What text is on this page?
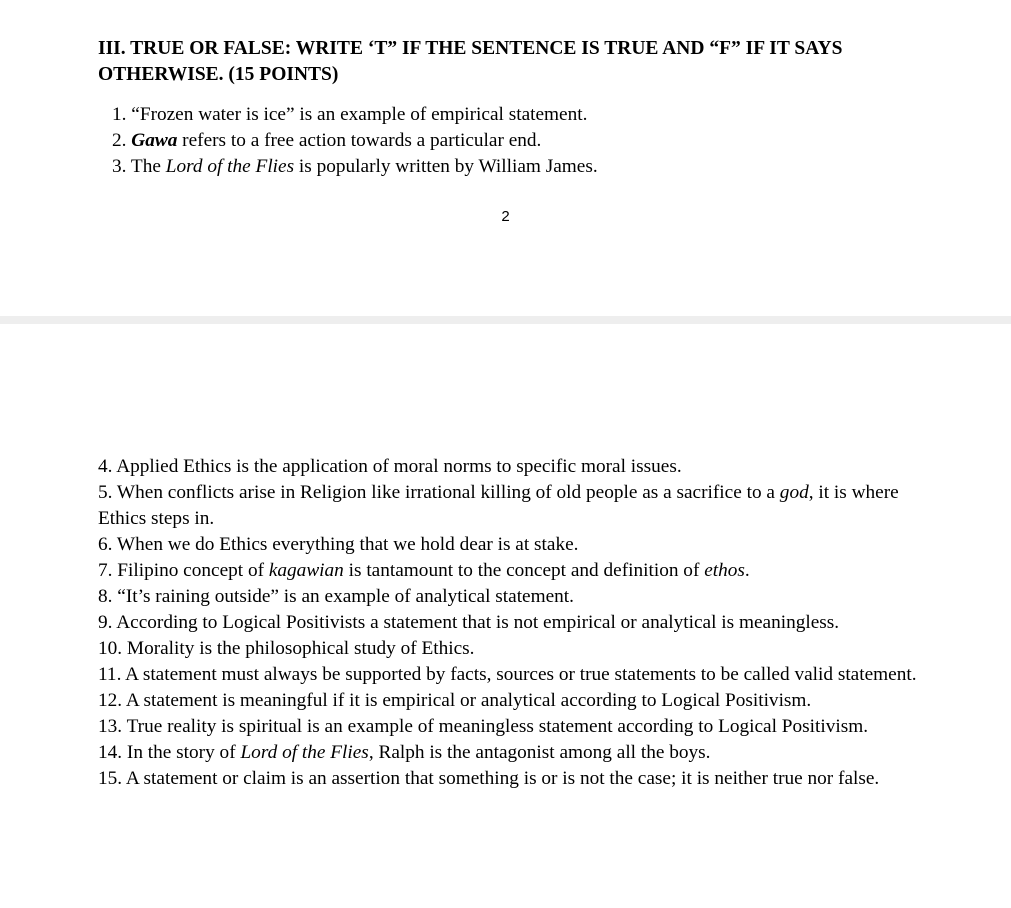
III. TRUE OR FALSE: WRITE ‘T” IF THE SENTENCE IS TRUE AND “F” IF IT SAYS OTHERWISE. (15 POINTS)

1. “Frozen water is ice” is an example of empirical statement.

2. Gawa refers to a free action towards a particular end.

3. The Lord of the Flies is popularly written by William James.

2

4. Applied Ethics is the application of moral norms to specific moral issues.

5. When conflicts arise in Religion like irrational killing of old people as a sacrifice to a god, it is where Ethics steps in.

6. When we do Ethics everything that we hold dear is at stake.

7. Filipino concept of kagawian is tantamount to the concept and definition of ethos.

8. “It’s raining outside” is an example of analytical statement.

9. According to Logical Positivists a statement that is not empirical or analytical is meaningless.

10. Morality is the philosophical study of Ethics.

11. A statement must always be supported by facts, sources or true statements to be called valid statement.

12. A statement is meaningful if it is empirical or analytical according to Logical Positivism.

13. True reality is spiritual is an example of meaningless statement according to Logical Positivism.

14. In the story of Lord of the Flies, Ralph is the antagonist among all the boys.

15. A statement or claim is an assertion that something is or is not the case; it is neither true nor false.
